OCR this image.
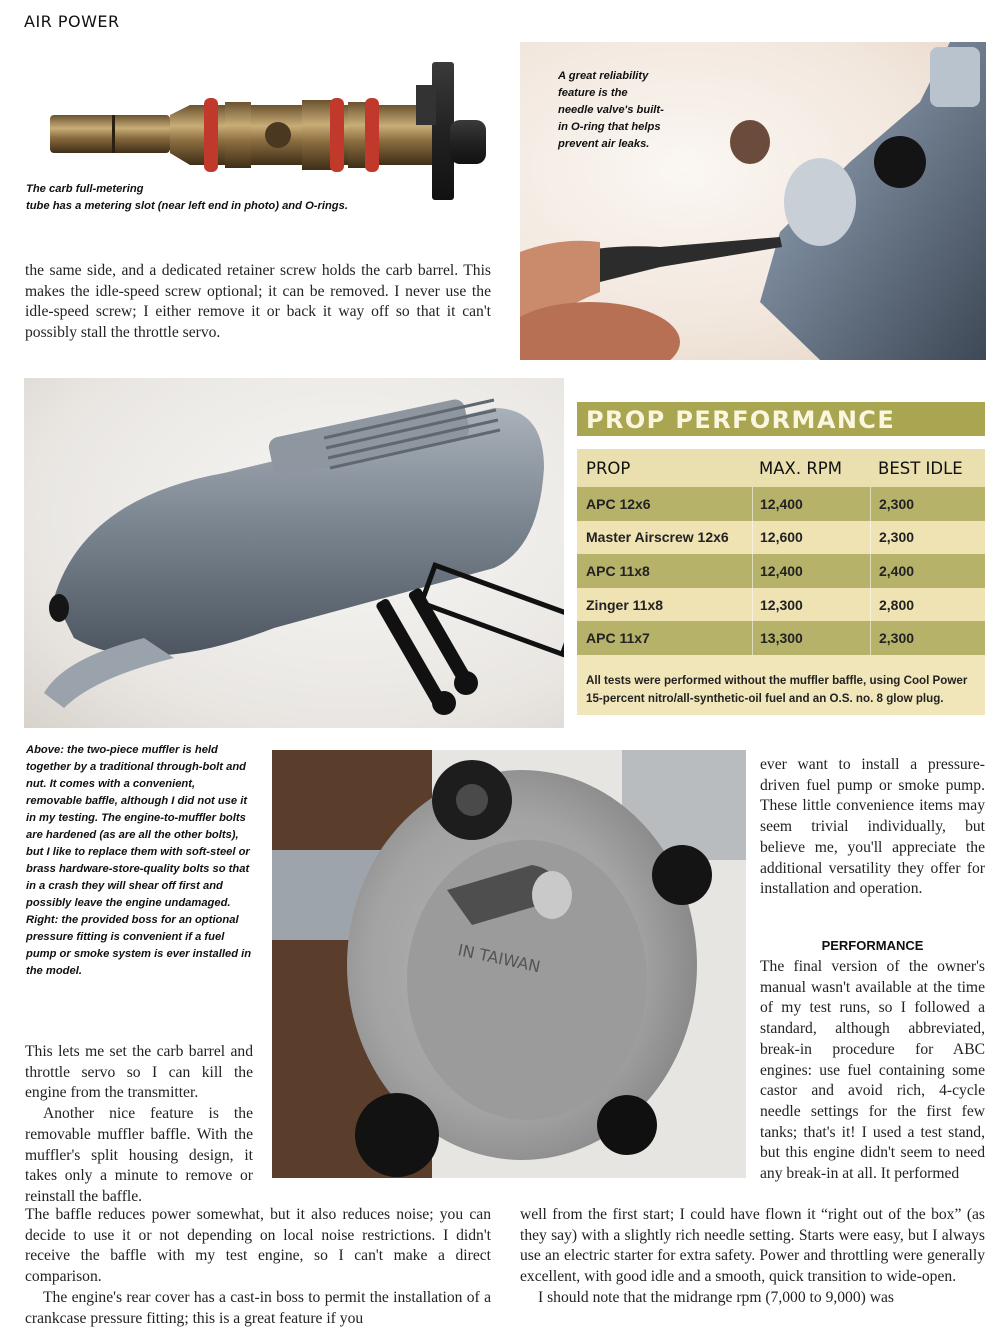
AIR POWER
The carb full-metering
tube has a metering slot (near left end in photo) and O-rings.

the same side, and a dedicated retainer screw holds the carb barrel. This makes the idle-speed screw optional; it can be removed. I never use the idle-speed screw; I either remove it or back it way off so that it can't possibly stall the throttle servo.

A great reliability
feature is the
needle valve's built-
in O-ring that helps
prevent air leaks.
PROP PERFORMANCE
PROP	MAX. RPM	BEST IDLE
APC 12x6	12,400	2,300
Master Airscrew 12x6	12,600	2,300
APC 11x8	12,400	2,400
Zinger 11x8	12,300	2,800
APC 11x7	13,300	2,300
All tests were performed without the muffler baffle, using Cool Power 15-percent nitro/all-synthetic-oil fuel and an O.S. no. 8 glow plug.
Above: the two-piece muffler is held together by a traditional through-bolt and nut. It comes with a convenient, removable baffle, although I did not use it in my testing. The engine-to-muffler bolts are hardened (as are all the other bolts), but I like to replace them with soft-steel or brass hardware-store-quality bolts so that in a crash they will shear off first and possibly leave the engine undamaged. Right: the provided boss for an optional pressure fitting is convenient if a fuel pump or smoke system is ever installed in the model.	IN TAIWAN

This lets me set the carb barrel and throttle servo so I can kill the engine from the transmitter.

Another nice feature is the removable muffler baffle. With the muffler's split housing design, it takes only a minute to remove or reinstall the baffle.

The baffle reduces power somewhat, but it also reduces noise; you can decide to use it or not depending on local noise restrictions. I didn't receive the baffle with my test engine, so I can't make a direct comparison.

The engine's rear cover has a cast-in boss to permit the installation of a crankcase pressure fitting; this is a great feature if you

ever want to install a pressure-driven fuel pump or smoke pump. These little convenience items may seem trivial individually, but believe me, you'll appreciate the additional versatility they offer for installation and operation.

PERFORMANCE

The final version of the owner's manual wasn't available at the time of my test runs, so I followed a standard, although abbreviated, break-in procedure for ABC engines: use fuel containing some castor and avoid rich, 4-cycle needle settings for the first few tanks; that's it! I used a test stand, but this engine didn't seem to need any break-in at all. It performed

well from the first start; I could have flown it “right out of the box” (as they say) with a slightly rich needle setting. Starts were easy, but I always use an electric starter for extra safety. Power and throttling were generally excellent, with good idle and a smooth, quick transition to wide-open.

I should note that the midrange rpm (7,000 to 9,000) was
